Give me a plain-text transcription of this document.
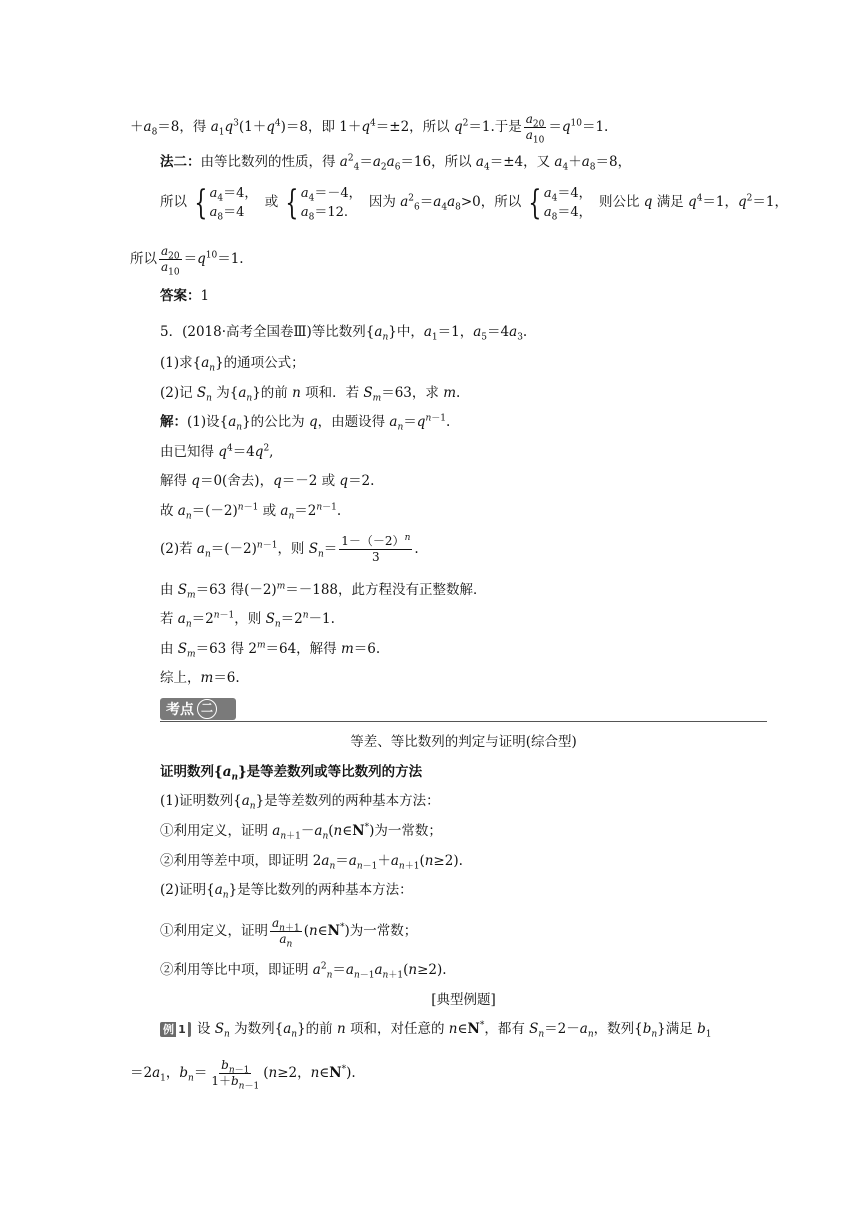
$+a_8=8$，得 $a_1q^3(1+q^4)=8$，即 $1+q^4=\pm 2$，所以 $q^2=1$.于是 $\frac{a_{20}}{a_{10}} =q^{10}=1$.
法二：由等比数列的性质，得 $a^2_4=a_2a_6=16$，所以 $a_4=\pm 4$，又 $a_4+a_8=8$，
所以 { $a_4=4$，
$a_8=4$
或 { $a_4=-4$，
$a_8=12$.
因为 $a^2_6=a_4a_8>0$，所以 { $a_4=4$，
$a_8=4$，
则公比 q 满足 $q^4=1$，$q^2=1$，
所以 $\frac{a_{20}}{a_{10}} =q^{10}=1$.
答案：1
5．(2018·高考全国卷Ⅲ)等比数列$\{a_n\}$中，$a_1=1$，$a_5=4a_3$.
(1)求$\{a_n\}$的通项公式；
(2)记 $S_n$ 为$\{a_n\}$的前 n 项和．若 $S_m=63$，求 m.
解：(1)设$\{a_n\}$的公比为 q，由题设得 $a_n=q^{n-1}$.
由已知得 $q^4=4q^2$,
解得 q＝0(舍去)，q＝－2 或 q＝2.
故 $a_n=(-2)^{n-1}$ 或 $a_n=2^{n-1}$.
(2)若 $a_n=(-2)^{n-1}$，则 $S_n= \frac{1-(-2)^n}{3}$ .
由 $S_m=63$ 得$(-2)^m=-188$，此方程没有正整数解．
若 $a_n=2^{n-1}$，则 $S_n=2^n-1$.
由 $S_m=63$ 得 $2^m=64$，解得 m＝6.
综上，m＝6.
考点 二
等差、等比数列的判定与证明(综合型)
证明数列$\{a_n\}$是等差数列或等比数列的方法
(1)证明数列$\{a_n\}$是等差数列的两种基本方法：
①利用定义，证明 $a_{n+1}-a_n(n\in N^*)$为一常数；
②利用等差中项，即证明 $2a_n=a_{n-1}+a_{n+1}(n\ge 2)$.
(2)证明$\{a_n\}$是等比数列的两种基本方法：
①利用定义，证明 $\frac{a_{n+1}}{a_n}$ (n∈N*)为一常数；
②利用等比中项，即证明 $a^2_n=a_{n-1}a_{n+1}(n\ge 2)$.
[典型例题]
例 1 设 $S_n$ 为数列$\{a_n\}$的前 n 项和，对任意的 n∈N*，都有 $S_n=2-a_n$，数列$\{b_n\}$满足 $b_1$
$=2a_1$，$b_n= \frac{b_{n-1}}{1+b_{n-1}} (n\ge 2$，n∈N*).
